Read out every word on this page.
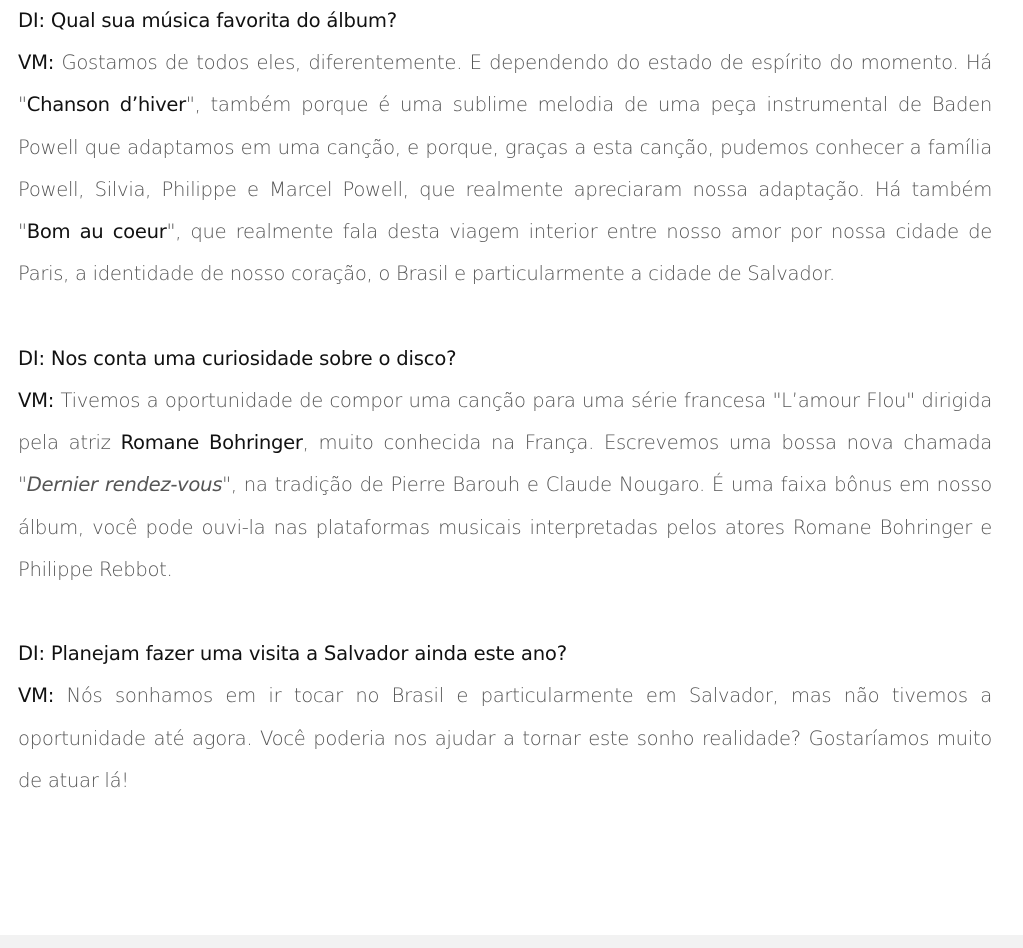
DI: Qual sua música favorita do álbum?

VM: Gostamos de todos eles, diferentemente. E dependendo do estado de espírito do momento. Há "Chanson d’hiver", também porque é uma sublime melodia de uma peça instrumental de Baden Powell que adaptamos em uma canção, e porque, graças a esta canção, pudemos conhecer a família Powell, Silvia, Philippe e Marcel Powell, que realmente apreciaram nossa adaptação. Há também "Bom au coeur", que realmente fala desta viagem interior entre nosso amor por nossa cidade de Paris, a identidade de nosso coração, o Brasil e particularmente a cidade de Salvador.

DI: Nos conta uma curiosidade sobre o disco?

VM: Tivemos a oportunidade de compor uma canção para uma série francesa "L’amour Flou" dirigida pela atriz Romane Bohringer, muito conhecida na França. Escrevemos uma bossa nova chamada "Dernier rendez-vous", na tradição de Pierre Barouh e Claude Nougaro. É uma faixa bônus em nosso álbum, você pode ouvi-la nas plataformas musicais interpretadas pelos atores Romane Bohringer e Philippe Rebbot.

DI: Planejam fazer uma visita a Salvador ainda este ano?

VM: Nós sonhamos em ir tocar no Brasil e particularmente em Salvador, mas não tivemos a oportunidade até agora. Você poderia nos ajudar a tornar este sonho realidade? Gostaríamos muito de atuar lá!
